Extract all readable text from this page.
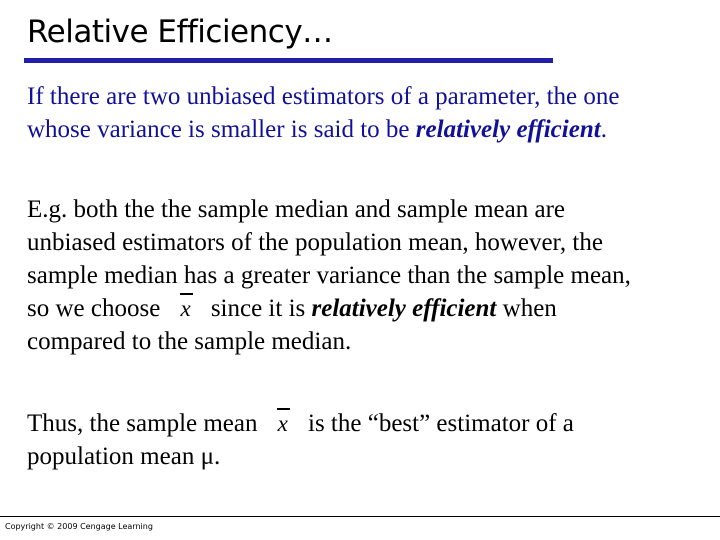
Relative Efficiency…

If there are two unbiased estimators of a parameter, the one
whose variance is smaller is said to be relatively efficient.

E.g. both the the sample median and sample mean are
unbiased estimators of the population mean, however, the
sample median has a greater variance than the sample mean,
so we choose
x since it is relatively efficient when
compared to the sample median.

Thus, the sample mean
x is the “best” estimator of a
population mean μ.

Copyright © 2009 Cengage Learning
